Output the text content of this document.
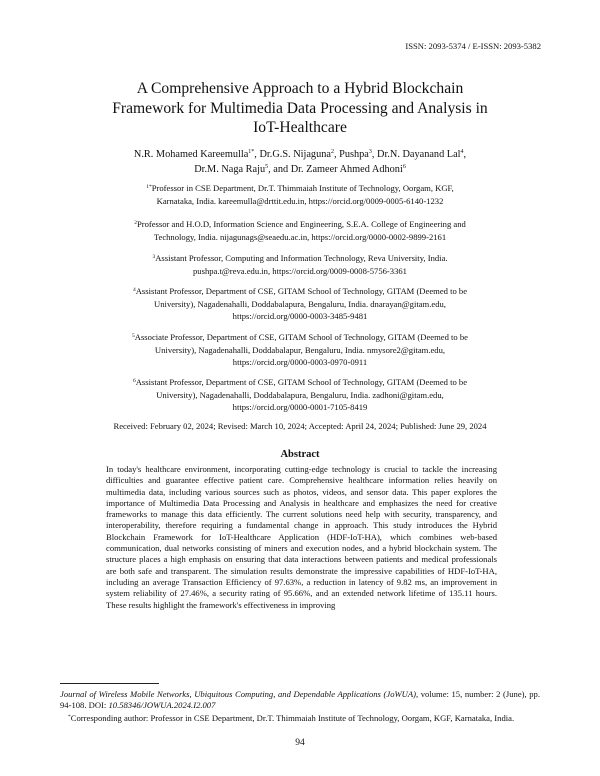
ISSN: 2093-5374 / E-ISSN: 2093-5382
A Comprehensive Approach to a Hybrid Blockchain
Framework for Multimedia Data Processing and Analysis in
IoT-Healthcare
N.R. Mohamed Kareemulla$^{1*}$, Dr.G.S. Nijaguna$^2$, Pushpa$^3$, Dr.N. Dayanand Lal$^4$,
Dr.M. Naga Raju$^5$, and Dr. Zameer Ahmed Adhoni$^6$
$^{1*}$Professor in CSE Department, Dr.T. Thimmaiah Institute of Technology, Oorgam, KGF,
Karnataka, India. kareemulla@drttit.edu.in, https://orcid.org/0009-0005-6140-1232
$^2$Professor and H.O.D, Information Science and Engineering, S.E.A. College of Engineering and
Technology, India. nijagunags@seaedu.ac.in, https://orcid.org/0000-0002-9899-2161
$^3$Assistant Professor, Computing and Information Technology, Reva University, India.
pushpa.t@reva.edu.in, https://orcid.org/0009-0008-5756-3361
$^4$Assistant Professor, Department of CSE, GITAM School of Technology, GITAM (Deemed to be
University), Nagadenahalli, Doddabalapura, Bengaluru, India. dnarayan@gitam.edu,
https://orcid.org/0000-0003-3485-9481
$^5$Associate Professor, Department of CSE, GITAM School of Technology, GITAM (Deemed to be
University), Nagadenahalli, Doddabalapur, Bengaluru, India. nmysore2@gitam.edu,
https://orcid.org/0000-0003-0970-0911
$^6$Assistant Professor, Department of CSE, GITAM School of Technology, GITAM (Deemed to be
University), Nagadenahalli, Doddabalapura, Bengaluru, India. zadhoni@gitam.edu,
https://orcid.org/0000-0001-7105-8419
Received: February 02, 2024; Revised: March 10, 2024; Accepted: April 24, 2024; Published: June 29, 2024
Abstract

In today's healthcare environment, incorporating cutting-edge technology is crucial to tackle the increasing difficulties and guarantee effective patient care. Comprehensive healthcare information relies heavily on multimedia data, including various sources such as photos, videos, and sensor data. This paper explores the importance of Multimedia Data Processing and Analysis in healthcare and emphasizes the need for creative frameworks to manage this data efficiently. The current solutions need help with security, transparency, and interoperability, therefore requiring a fundamental change in approach. This study introduces the Hybrid Blockchain Framework for IoT-Healthcare Application (HDF-IoT-HA), which combines web-based communication, dual networks consisting of miners and execution nodes, and a hybrid blockchain system. The structure places a high emphasis on ensuring that data interactions between patients and medical professionals are both safe and transparent. The simulation results demonstrate the impressive capabilities of HDF-IoT-HA, including an average Transaction Efficiency of 97.63%, a reduction in latency of 9.82 ms, an improvement in system reliability of 27.46%, a security rating of 95.66%, and an extended network lifetime of 135.11 hours. These results highlight the framework's effectiveness in improving

Journal of Wireless Mobile Networks, Ubiquitous Computing, and Dependable Applications (JoWUA), volume: 15, number: 2 (June), pp. 94-108. DOI: 10.58346/JOWUA.2024.I2.007

*Corresponding author: Professor in CSE Department, Dr.T. Thimmaiah Institute of Technology, Oorgam, KGF, Karnataka, India.

94
